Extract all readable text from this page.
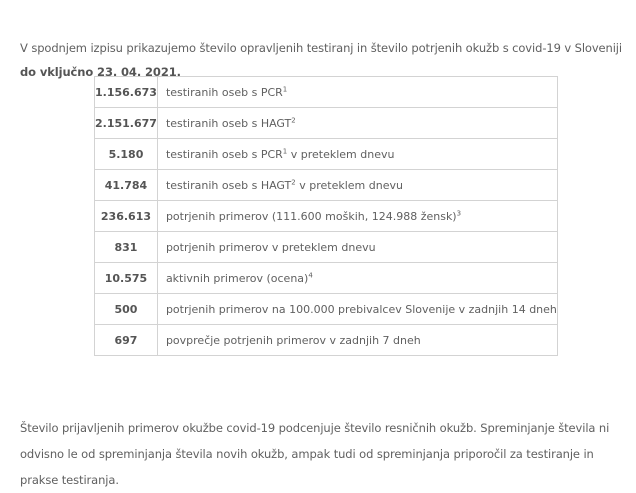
V spodnjem izpisu prikazujemo število opravljenih testiranj in število potrjenih okužb s covid-19 v Sloveniji do vključno 23. 04. 2021.

1.156.673	testiranih oseb s PCR$^1$
2.151.677	testiranih oseb s HAGT$^2$
5.180	testiranih oseb s PCR$^1$ v preteklem dnevu
41.784	testiranih oseb s HAGT$^2$ v preteklem dnevu
236.613	potrjenih primerov (111.600 moških, 124.988 žensk)$^3$
831	potrjenih primerov v preteklem dnevu
10.575	aktivnih primerov (ocena)$^4$
500	potrjenih primerov na 100.000 prebivalcev Slovenije v zadnjih 14 dneh
697	povprečje potrjenih primerov v zadnjih 7 dneh

Število prijavljenih primerov okužbe covid-19 podcenjuje število resničnih okužb. Spreminjanje števila ni odvisno le od spreminjanja števila novih okužb, ampak tudi od spreminjanja priporočil za testiranje in prakse testiranja.
